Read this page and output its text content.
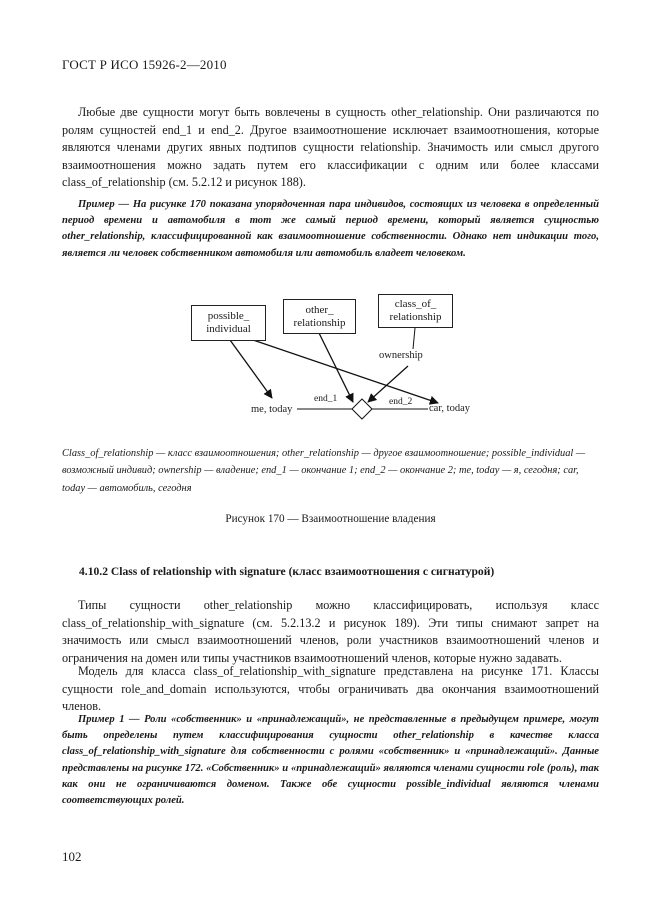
ГОСТ Р ИСО 15926-2—2010
Любые две сущности могут быть вовлечены в сущность other_relationship. Они различаются по ролям сущностей end_1 и end_2. Другое взаимоотношение исключает взаимоотношения, которые являются членами других явных подтипов сущности relationship. Значимость или смысл другого взаимоотношения можно задать путем его классификации с одним или более классами class_of_relationship (см. 5.2.12 и рисунок 188).
Пример — На рисунке 170 показана упорядоченная пара индивидов, состоящих из человека в определенный период времени и автомобиля в тот же самый период времени, который является сущностью other_relationship, классифицированной как взаимоотношение собственности. Однако нет индикации того, является ли человек собственником автомобиля или автомобиль владеет человеком.
possible_ individual
other_ relationship
class_of_ relationship
ownership
me, today
end_1	end_2
car, today
Class_of_relationship — класс взаимоотношения; other_relationship — другое взаимоотношение; possible_individual — возможный индивид; ownership — владение; end_1 — окончание 1; end_2 — окончание 2; me, today — я, сегодня; car, today — автомобиль, сегодня
Рисунок 170 — Взаимоотношение владения
4.10.2 Class of relationship with signature (класс взаимоотношения с сигнатурой)
Типы сущности other_relationship можно классифицировать, используя класс class_of_relationship_with_signature (см. 5.2.13.2 и рисунок 189). Эти типы снимают запрет на значимость или смысл взаимоотношений членов, роли участников взаимоотношений членов и ограничения на домен или типы участников взаимоотношений членов, которые нужно задавать.
Модель для класса class_of_relationship_with_signature представлена на рисунке 171. Классы сущности role_and_domain используются, чтобы ограничивать два окончания взаимоотношений членов.
Пример 1 — Роли «собственник» и «принадлежащий», не представленные в предыдущем примере, могут быть определены путем классифицирования сущности other_relationship в качестве класса class_of_relationship_with_signature для собственности с ролями «собственник» и «принадлежащий». Данные представлены на рисунке 172. «Собственник» и «принадлежащий» являются членами сущности role (роль), так как они не ограничиваются доменом. Также обе сущности possible_individual являются членами соответствующих ролей.
102
